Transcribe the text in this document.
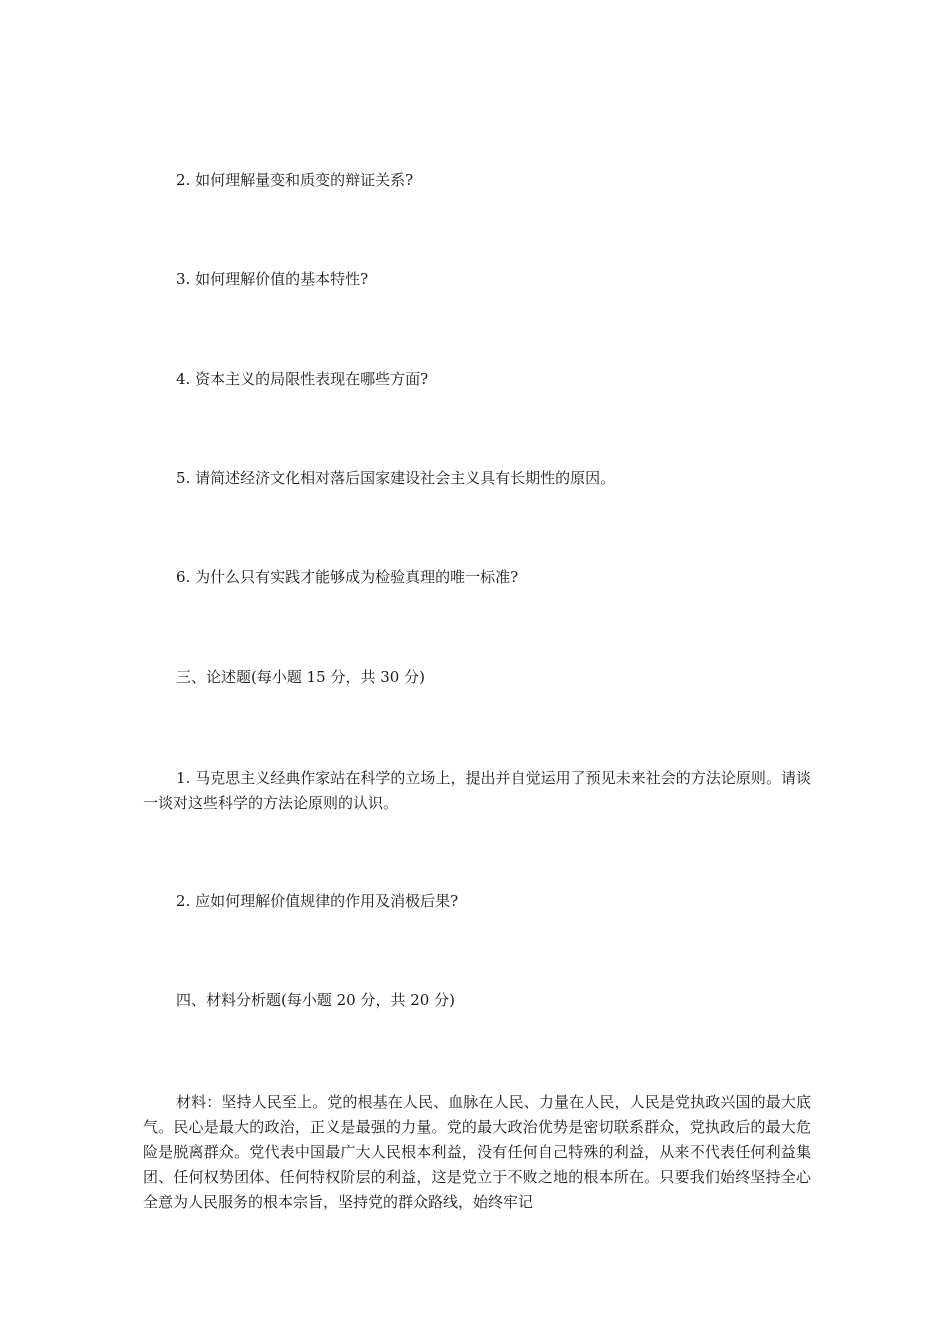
2. 如何理解量变和质变的辩证关系?

3. 如何理解价值的基本特性?

4. 资本主义的局限性表现在哪些方面?

5. 请简述经济文化相对落后国家建设社会主义具有长期性的原因。

6. 为什么只有实践才能够成为检验真理的唯一标准?

三、论述题(每小题 15 分，共 30 分)

1. 马克思主义经典作家站在科学的立场上，提出并自觉运用了预见未来社会的方法论原则。请谈一谈对这些科学的方法论原则的认识。

2. 应如何理解价值规律的作用及消极后果?

四、材料分析题(每小题 20 分，共 20 分)

材料：坚持人民至上。党的根基在人民、血脉在人民、力量在人民，人民是党执政兴国的最大底气。民心是最大的政治，正义是最强的力量。党的最大政治优势是密切联系群众，党执政后的最大危险是脱离群众。党代表中国最广大人民根本利益，没有任何自己特殊的利益，从来不代表任何利益集团、任何权势团体、任何特权阶层的利益，这是党立于不败之地的根本所在。只要我们始终坚持全心全意为人民服务的根本宗旨，坚持党的群众路线，始终牢记
